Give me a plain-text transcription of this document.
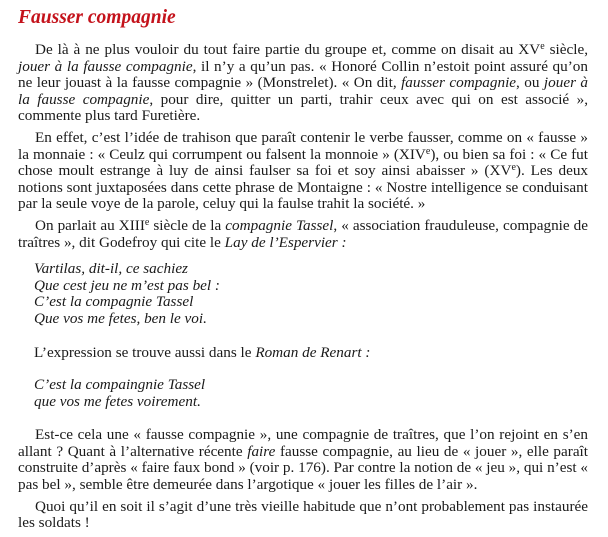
Fausser compagnie

De là à ne plus vouloir du tout faire partie du groupe et, comme on disait au XVe siècle, jouer à la fausse compagnie, il n’y a qu’un pas. « Honoré Collin n’estoit point assuré qu’on ne leur jouast à la fausse compagnie » (Monstrelet). « On dit, fausser compagnie, ou jouer à la fausse compagnie, pour dire, quitter un parti, trahir ceux avec qui on est associé », commente plus tard Furetière.

En effet, c’est l’idée de trahison que paraît contenir le verbe fausser, comme on « fausse » la monnaie : « Ceulz qui corrumpent ou falsent la monnoie » (XIVe), ou bien sa foi : « Ce fut chose moult estrange à luy de ainsi faulser sa foi et soy ainsi abaisser » (XVe). Les deux notions sont juxtaposées dans cette phrase de Montaigne : « Nostre intelligence se conduisant par la seule voye de la parole, celuy qui la faulse trahit la société. »

On parlait au XIIIe siècle de la compagnie Tassel, « association frauduleuse, compagnie de traîtres », dit Godefroy qui cite le Lay de l’Espervier :

Vartilas, dit-il, ce sachiez
Que cest jeu ne m’est pas bel :
C’est la compagnie Tassel
Que vos me fetes, ben le voi.

L’expression se trouve aussi dans le Roman de Renart :

C’est la compaingnie Tassel
que vos me fetes voirement.

Est-ce cela une « fausse compagnie », une compagnie de traîtres, que l’on rejoint en s’en allant ? Quant à l’alternative récente faire fausse compagnie, au lieu de « jouer », elle paraît construite d’après « faire faux bond » (voir p. 176). Par contre la notion de « jeu », qui n’est « pas bel », semble être demeurée dans l’argotique « jouer les filles de l’air ».

Quoi qu’il en soit il s’agit d’une très vieille habitude que n’ont probablement pas instaurée les soldats !
